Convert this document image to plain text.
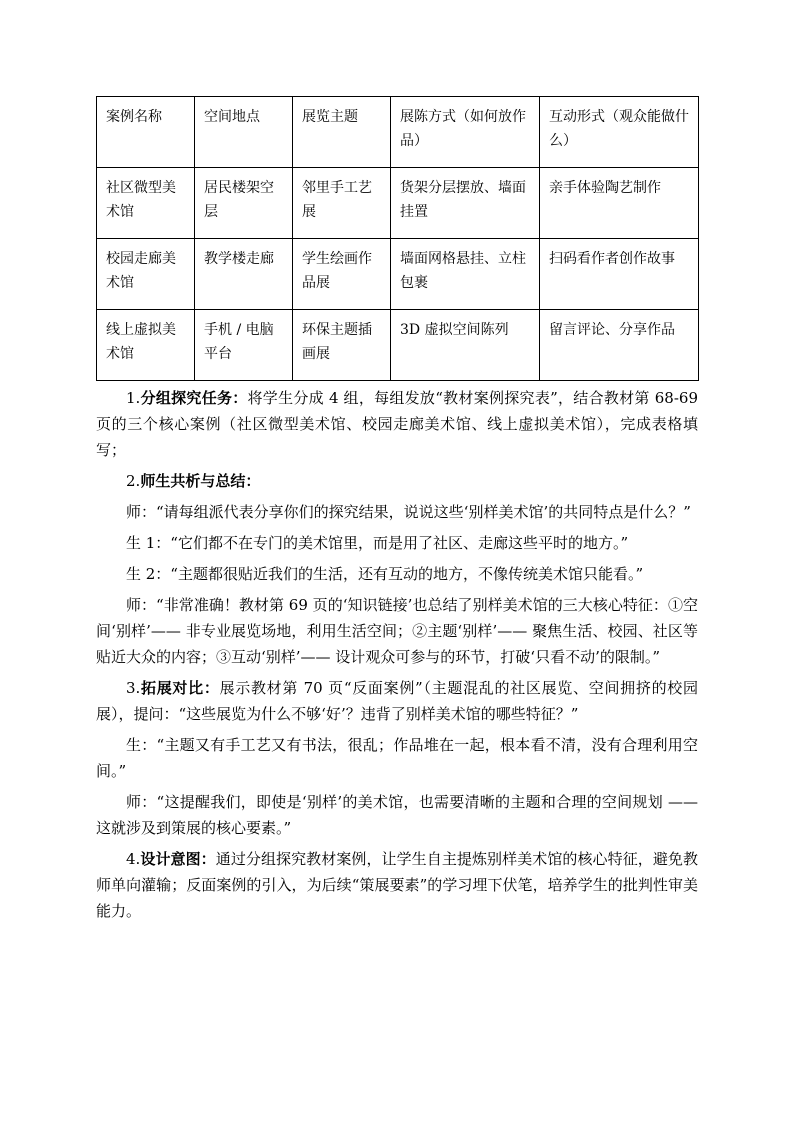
案例名称	空间地点	展览主题	展陈方式（如何放作品）	互动形式（观众能做什么）
社区微型美术馆	居民楼架空层	邻里手工艺展	货架分层摆放、墙面挂置	亲手体验陶艺制作
校园走廊美术馆	教学楼走廊	学生绘画作品展	墙面网格悬挂、立柱包裹	扫码看作者创作故事
线上虚拟美术馆	手机 / 电脑平台	环保主题插画展	3D 虚拟空间陈列	留言评论、分享作品

1.分组探究任务：将学生分成 4 组，每组发放“教材案例探究表”，结合教材第 68-69 页的三个核心案例（社区微型美术馆、校园走廊美术馆、线上虚拟美术馆），完成表格填写；

2.师生共析与总结：

师：“请每组派代表分享你们的探究结果，说说这些‘别样美术馆’的共同特点是什么？”

生 1：“它们都不在专门的美术馆里，而是用了社区、走廊这些平时的地方。”

生 2：“主题都很贴近我们的生活，还有互动的地方，不像传统美术馆只能看。”

师：“非常准确！教材第 69 页的‘知识链接’也总结了别样美术馆的三大核心特征：①空间‘别样’—— 非专业展览场地，利用生活空间；②主题‘别样’—— 聚焦生活、校园、社区等贴近大众的内容；③互动‘别样’—— 设计观众可参与的环节，打破‘只看不动’的限制。”

3.拓展对比：展示教材第 70 页“反面案例”（主题混乱的社区展览、空间拥挤的校园展），提问：“这些展览为什么不够‘好’？违背了别样美术馆的哪些特征？”

生：“主题又有手工艺又有书法，很乱；作品堆在一起，根本看不清，没有合理利用空间。”

师：“这提醒我们，即使是‘别样’的美术馆，也需要清晰的主题和合理的空间规划 —— 这就涉及到策展的核心要素。”

4.设计意图：通过分组探究教材案例，让学生自主提炼别样美术馆的核心特征，避免教师单向灌输；反面案例的引入，为后续“策展要素”的学习埋下伏笔，培养学生的批判性审美能力。
